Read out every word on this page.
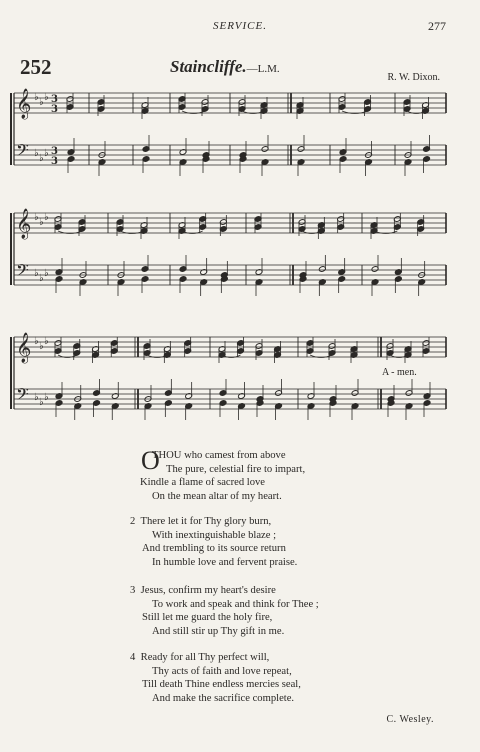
SERVICE.	277
252	Staincliffe.—L.M.
R. W. Dixon.
𝄞
𝄢
♭ ♭ ♭
♭ ♭ ♭
3
3
3
3
𝄞
𝄢
♭ ♭ ♭
♭ ♭ ♭
𝄞
𝄢
♭ ♭ ♭
♭ ♭ ♭
A - men.
O
THOU who camest from above
The pure, celestial fire to impart,
Kindle a flame of sacred love
On the mean altar of my heart.
2 There let it for Thy glory burn,
With inextinguishable blaze ;
And trembling to its source return
In humble love and fervent praise.
3 Jesus, confirm my heart's desire
To work and speak and think for Thee ;
Still let me guard the holy fire,
And still stir up Thy gift in me.
4 Ready for all Thy perfect will,
Thy acts of faith and love repeat,
Till death Thine endless mercies seal,
And make the sacrifice complete.
C. Wesley.
